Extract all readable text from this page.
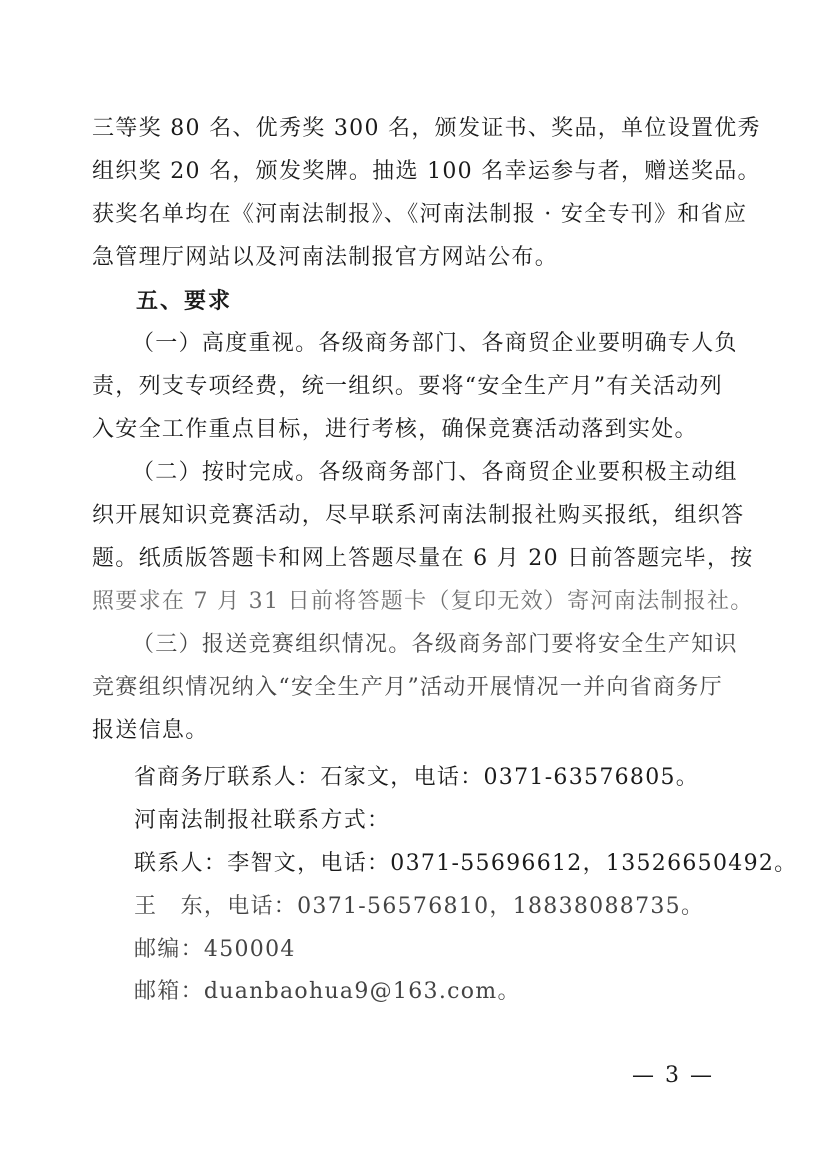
三等奖 80 名、优秀奖 300 名，颁发证书、奖品，单位设置优秀
组织奖 20 名，颁发奖牌。抽选 100 名幸运参与者，赠送奖品。
获奖名单均在《河南法制报》、《河南法制报 · 安全专刊》和省应
急管理厅网站以及河南法制报官方网站公布。
五、要求
（一）高度重视。各级商务部门、各商贸企业要明确专人负
责，列支专项经费，统一组织。要将“安全生产月”有关活动列
入安全工作重点目标，进行考核，确保竞赛活动落到实处。
（二）按时完成。各级商务部门、各商贸企业要积极主动组
织开展知识竞赛活动，尽早联系河南法制报社购买报纸，组织答
题。纸质版答题卡和网上答题尽量在 6 月 20 日前答题完毕，按
照要求在 7 月 31 日前将答题卡（复印无效）寄河南法制报社。
（三）报送竞赛组织情况。各级商务部门要将安全生产知识
竞赛组织情况纳入“安全生产月”活动开展情况一并向省商务厅
报送信息。
省商务厅联系人：石家文，电话：0371-63576805。
河南法制报社联系方式：
联系人：李智文，电话：0371-55696612，13526650492。
王　东，电话：0371-56576810，18838088735。
邮编：450004
邮箱：duanbaohua9@163.com。
— 3 —
